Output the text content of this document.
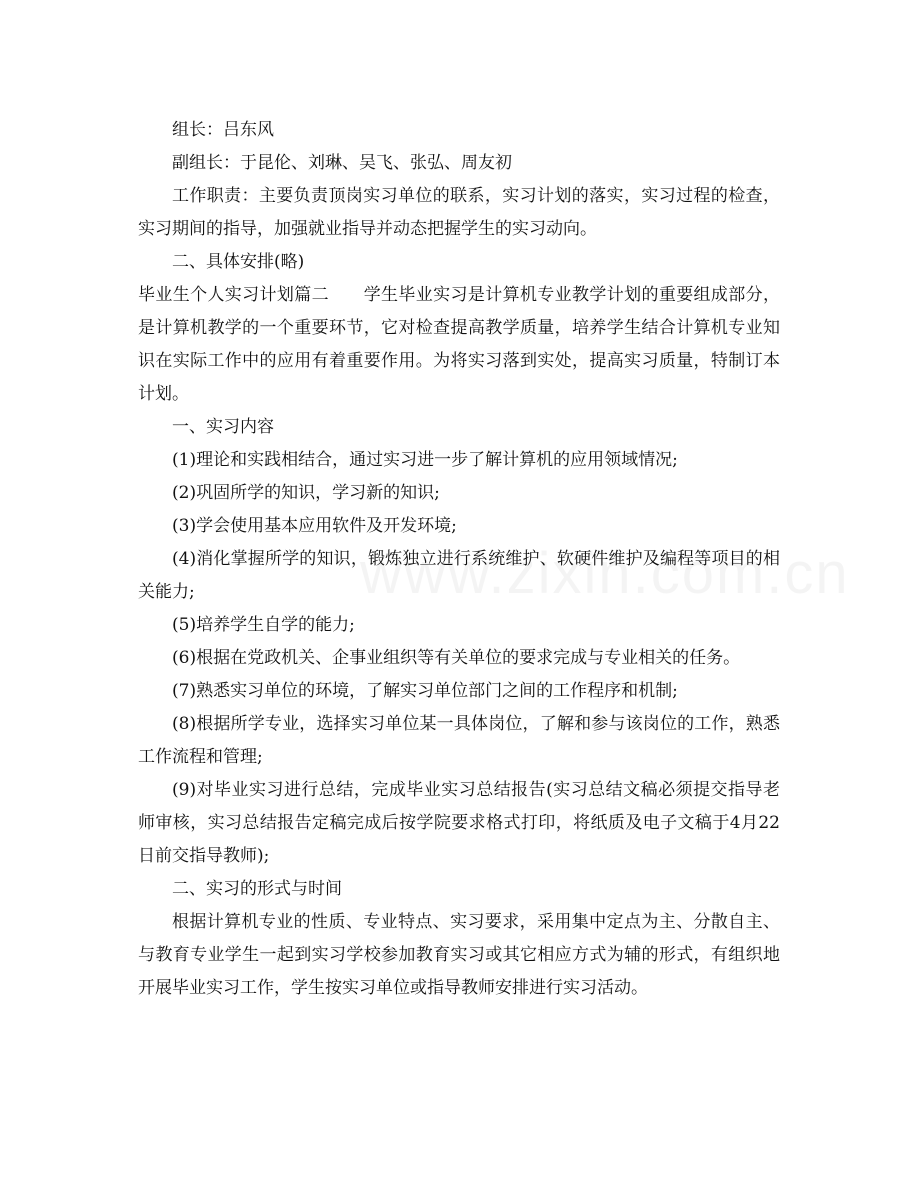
组长：吕东风

副组长：于昆伦、刘琳、吴飞、张弘、周友初

工作职责：主要负责顶岗实习单位的联系，实习计划的落实，实习过程的检查，实习期间的指导，加强就业指导并动态把握学生的实习动向。

二、具体安排(略)

毕业生个人实习计划篇二　　学生毕业实习是计算机专业教学计划的重要组成部分，是计算机教学的一个重要环节，它对检查提高教学质量，培养学生结合计算机专业知识在实际工作中的应用有着重要作用。为将实习落到实处，提高实习质量，特制订本计划。

一、实习内容

(1)理论和实践相结合，通过实习进一步了解计算机的应用领域情况;

(2)巩固所学的知识，学习新的知识;

(3)学会使用基本应用软件及开发环境;

(4)消化掌握所学的知识，锻炼独立进行系统维护、软硬件维护及编程等项目的相关能力;

(5)培养学生自学的能力;

(6)根据在党政机关、企事业组织等有关单位的要求完成与专业相关的任务。

(7)熟悉实习单位的环境，了解实习单位部门之间的工作程序和机制;

(8)根据所学专业，选择实习单位某一具体岗位，了解和参与该岗位的工作，熟悉工作流程和管理;

(9)对毕业实习进行总结，完成毕业实习总结报告(实习总结文稿必须提交指导老师审核，实习总结报告定稿完成后按学院要求格式打印，将纸质及电子文稿于4月22日前交指导教师);

二、实习的形式与时间

根据计算机专业的性质、专业特点、实习要求，采用集中定点为主、分散自主、与教育专业学生一起到实习学校参加教育实习或其它相应方式为辅的形式，有组织地开展毕业实习工作，学生按实习单位或指导教师安排进行实习活动。
